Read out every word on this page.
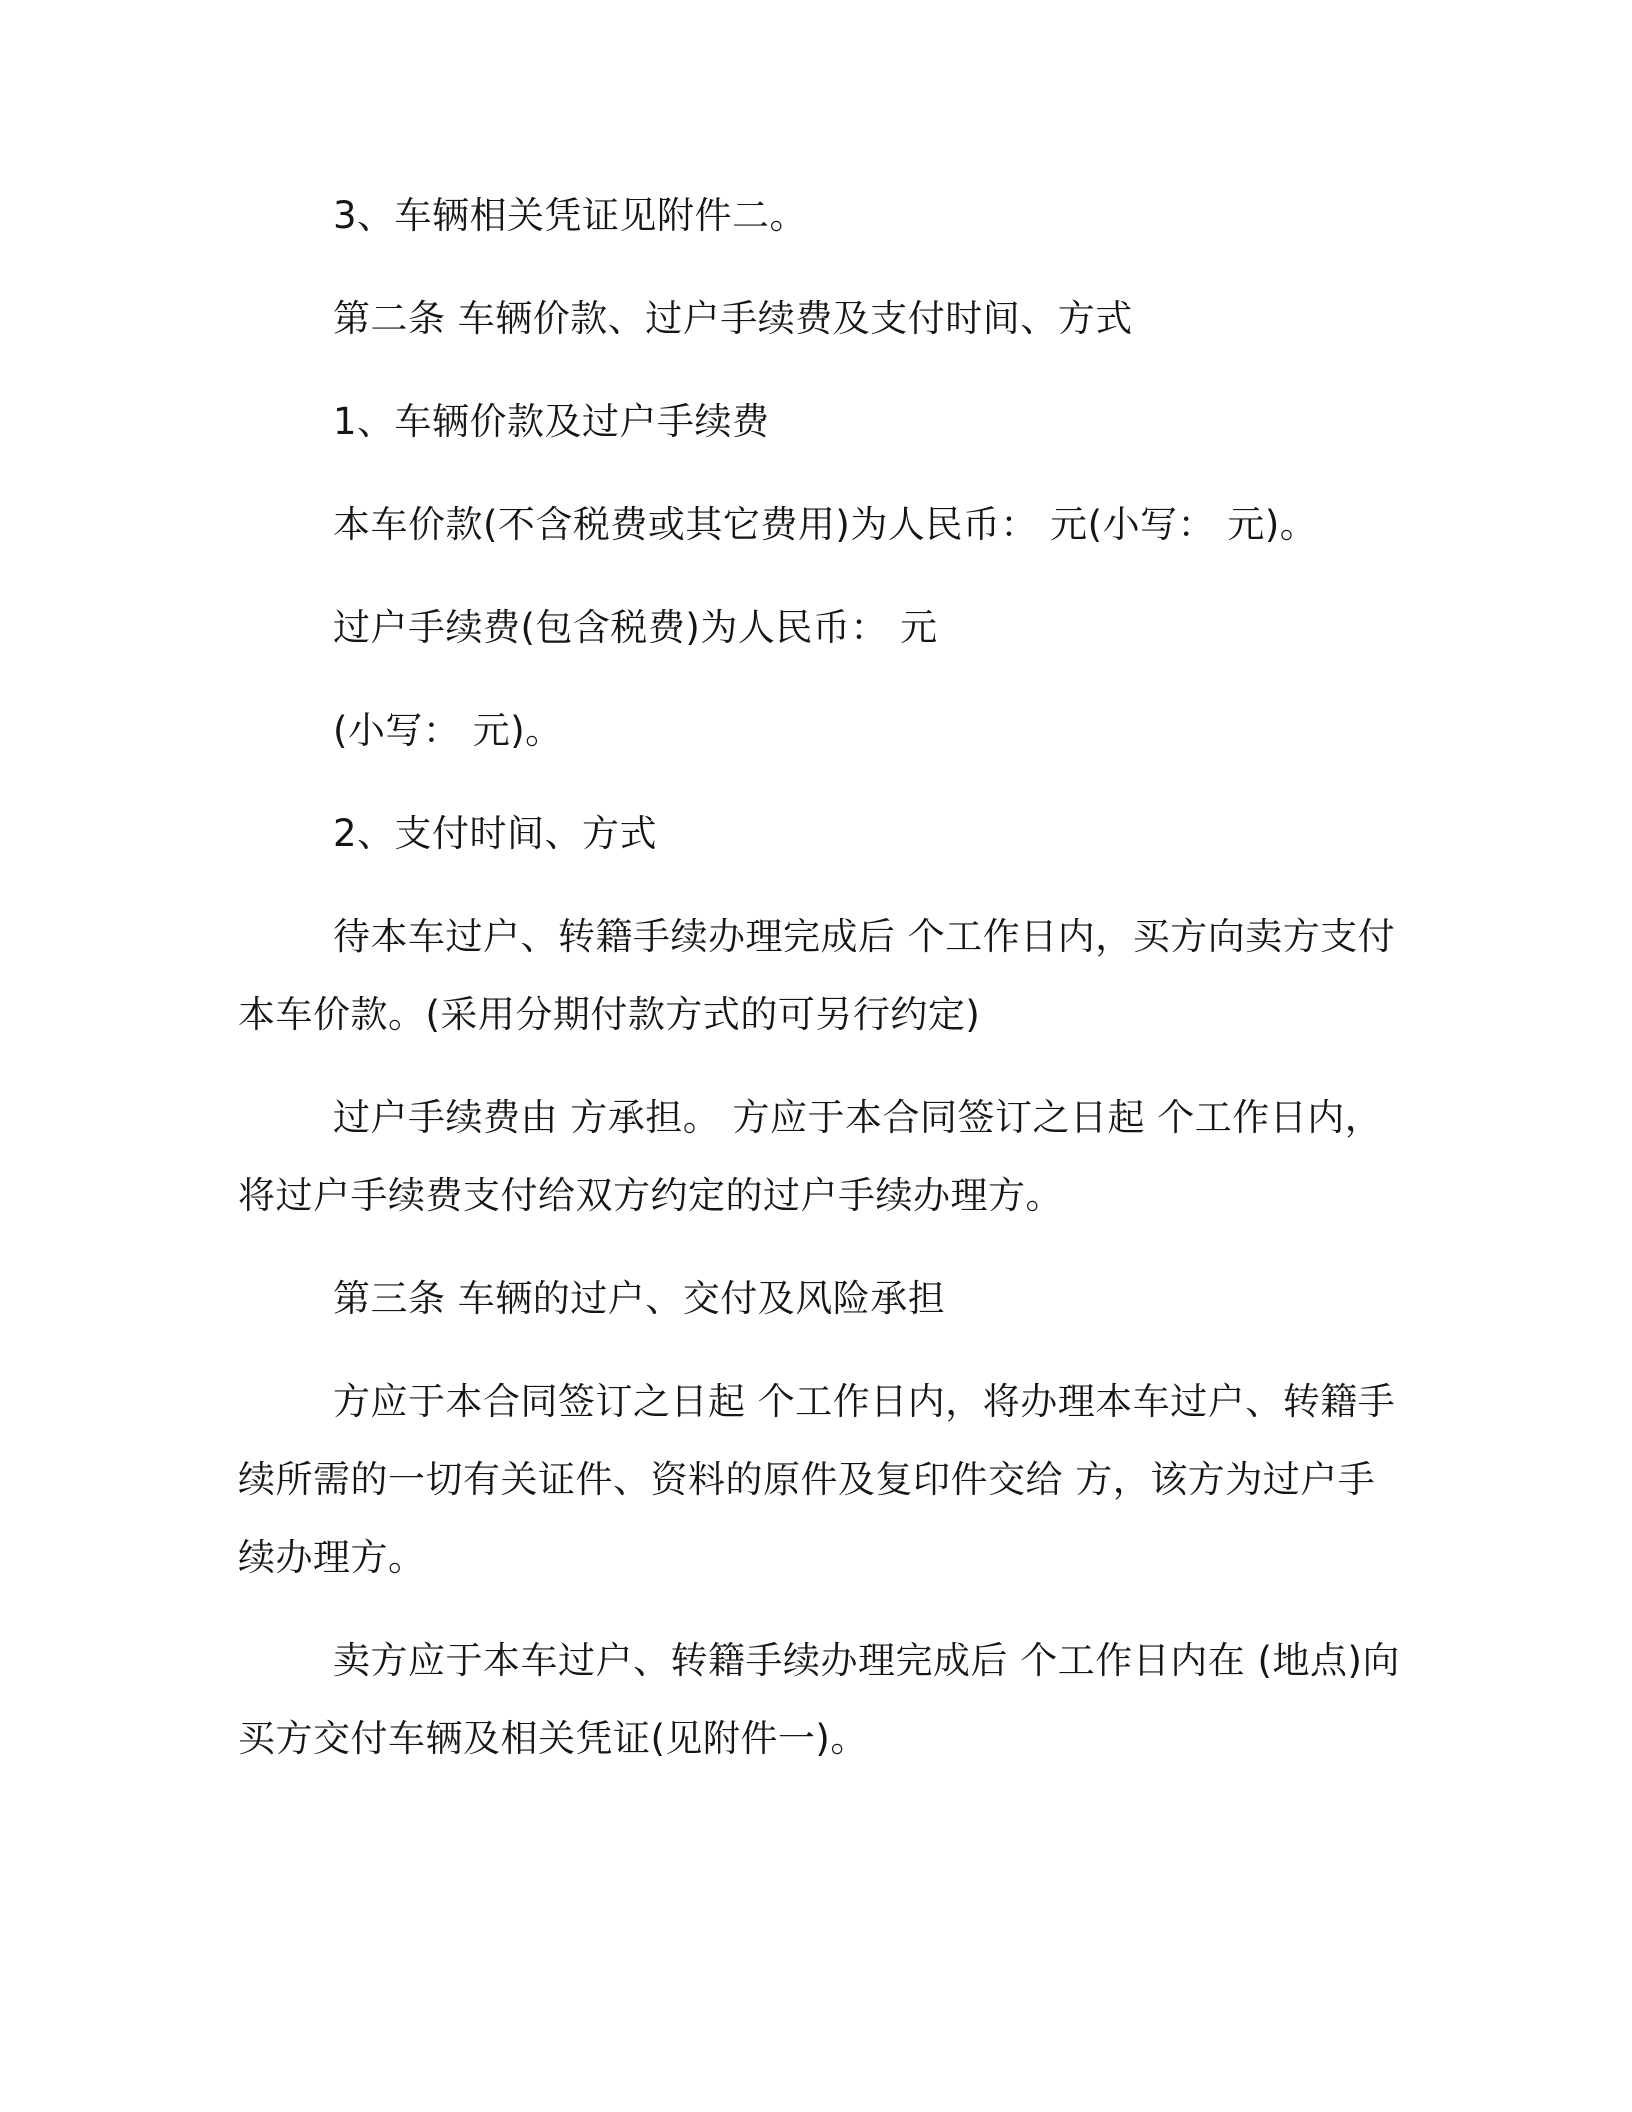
3、车辆相关凭证见附件二。
第二条 车辆价款、过户手续费及支付时间、方式
1、车辆价款及过户手续费
本车价款(不含税费或其它费用)为人民币： 元(小写： 元)。
过户手续费(包含税费)为人民币： 元
(小写： 元)。
2、支付时间、方式
待本车过户、转籍手续办理完成后 个工作日内，买方向卖方支付
本车价款。(采用分期付款方式的可另行约定)
过户手续费由 方承担。 方应于本合同签订之日起 个工作日内，
将过户手续费支付给双方约定的过户手续办理方。
第三条 车辆的过户、交付及风险承担
方应于本合同签订之日起 个工作日内，将办理本车过户、转籍手
续所需的一切有关证件、资料的原件及复印件交给 方，该方为过户手
续办理方。
卖方应于本车过户、转籍手续办理完成后 个工作日内在 (地点)向
买方交付车辆及相关凭证(见附件一)。
